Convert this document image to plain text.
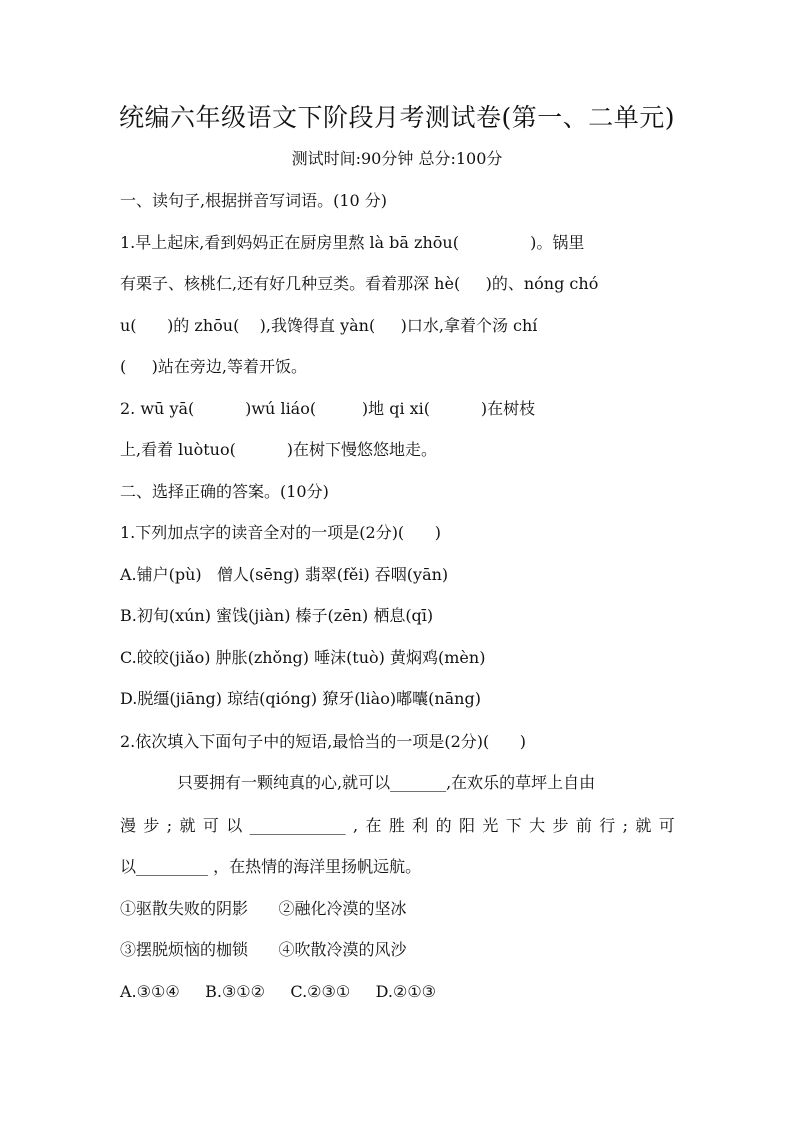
统编六年级语文下阶段月考测试卷(第一、二单元)
测试时间:90分钟 总分:100分
一、读句子,根据拼音写词语。(10 分)
1.早上起床,看到妈妈正在厨房里熬 là bā zhōu(              )。锅里
有栗子、核桃仁,还有好几种豆类。看着那深 hè(     )的、nóng chó
u(      )的 zhōu(    ),我馋得直 yàn(     )口水,拿着个汤 chí
(     )站在旁边,等着开饭。
2. wū yā(          )wú liáo(         )地 qi xi(          )在树枝
上,看着 luòtuo(          )在树下慢悠悠地走。
二、选择正确的答案。(10分)
1.下列加点字的读音全对的一项是(2分)(      )
A.铺户(pù)   僧人(sēng) 翡翠(fěi) 吞咽(yān)
B.初旬(xún) 蜜饯(jiàn) 榛子(zēn) 栖息(qī)
C.皎皎(jiǎo) 肿胀(zhǒng) 唾沫(tuò) 黄焖鸡(mèn)
D.脱缰(jiāng) 琼结(qióng) 獠牙(liào)嘟囔(nāng)
2.依次填入下面句子中的短语,最恰当的一项是(2分)(      )
只要拥有一颗纯真的心,就可以_______,在欢乐的草坪上自由
漫 步 ; 就 可 以 ____________ , 在 胜 利 的 阳 光 下 大 步 前 行 ; 就 可
以_________ ，在热情的海洋里扬帆远航。
①驱散失败的阴影      ②融化冷漠的坚冰
③摆脱烦恼的枷锁      ④吹散冷漠的风沙
A.③①④     B.③①②     C.②③①     D.②①③
